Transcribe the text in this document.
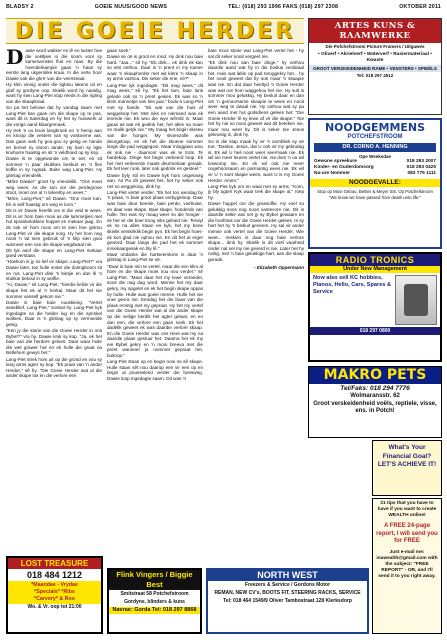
BLADSY 2	GOEIE NUUS/GOOD NEWS	TEL: (018) 293 1996 FAKS (018) 297 2308	OKTOBER 2011
DIE GOEIE HERDER
D awie word wakker en lê en luister hoe die voëltjies in die soom voor sy kamervenster fluit en raas. By die hoenderkampie gaan 'n haan sy eerste lang ukgerokke kraai. In die verte hoor Dawie ook die ghrrr van die veemteaal.

Hy klim vinnig onder die ligblou lakens uit en gluif sy gordyne oop. Skielik word hy naaslig, want hy sien Lang-Piet stop reeds in die rigting van die skaapkraal.

So pa het belowe dat hy vandag saam met Lang-Piet kan gaan om die skape op te pas, want dit is Saterdag en hy het sy huiswerk al die vorige aand klaargemaak.

Hy trek 'n ou bruin langbroek en 'n hemp aan en knoop die vesters van sy voskoeme vas. Dan gaan wek hy gou-gou sy gesig en hande en borsel sy stoom tande. Hy kam sy ligte kruiharre haastig en sit 'n veldhoed op sy kop.

Dawie is te opgewonde om te eet, en sit sommer 'n paar skubbes beskuit en 'n fles koffie in sy rugsak. Buite wag Lang-Piet. Hy glimlag vriendelik.

"Môre Dawie!" groet hy vriendelik. "Ons moet weg wees. As die son oor die perdegrooe stoot, moet ons al 'n tekiesby en wees."

"Môre, Lang-Piet," sê Dawie. "Ons moet kan. Ek is self haastig om weg te kom."

Dit is vir Dawie heerlik om in die veld te wees. Dit is vir hom baie mooi as die lammetjies met hul sprankelokkies huppel en mekaar jaag. En ds ook vir hom mooi om te sien hoe getrou Lang-Piet vir die skape sorg. Hy het hom nog nooit 'n lat sien gebruik of 'n klip sien gooi wanneer een van die skape wegdwaal nie.

Dit lyk asof die skape en Lang-Piet mekaar goed verstaan.

"Hoekom is jy so lief vir skape, Lang-Piet?" vra Dawie later, toe hulle onder die doringboom sit en rus. Lang-Piet dink 'n bietjie en dan lê 'n stukkie bekoul in sy wolfie.

"Ai, Dawie," sê Lang-Piet, "hierdie liefde vir die skape het ek al 'n herkai. Maar dit het nie sommer vanself gekom nie."

Dawie is baie baie nuuskierig. "Vertel asseblief, Lang-Piet," soebat hy. Lang-Piet kyk ingedagte na die helder lug en die sprinkel wolkies. Daar is 'n glimlag op sy vermoeide gesig.

"Ken jy die storie van die Goeie Herder in ons Bybel?" vra hy. Dawie knik sy kop. "Ja, ek het baie van die herders geloes. Daar waar hulle die wet grawer het en ek hulle die graat na Betlehem gewys het."

Lang-Piet strek hom uit op die grond en vou sy lang arms agter sy kop. "Ek praat van 'n ander Herder," sê hy. "Die Goeie Herder wat al die ander skape los en die verlore een

gaan soek."

Dawie se oë is groot en rond. Hy dink nou baie hard. "Jaa..." sê hy. "Ek dink... ek dink ek kan so iets onthou. Daar is 'n prent in my kamer waar 'n skaapherder met wit klere 'n skaap in sy arms vashou. Dis seker die ene, né?"

Lang-Piet lyk ingedagte. "Dit mag wees," dit mag wees," sê hy. "Ek het tam, baie lank gelede ook so 'n prent gesien. Ek was so 'n klein mannetjie van tien jaar," bodu-s Lang-Piet met sy hande. "Ek wat van die huis af weggeloop het. Met niks en niemand was ek tevrede nie. Ek wou die wye wêreld in. Maar gauw as wat ek gedink het, het alles na maer on malik gelyk nie." My maag het begin skreeu van die honger. My skoenzolle was deurgeloop, en ek het die skoene sommer langs die pad weggegooi. Maar inloggaan wou ek ook nie - daarvoor was ek te trots. Te hardekop. Dinge het begin verkeerd loop. Ek het met verkeerde maats deurmekaar geraak. Ek het leer rook, later ook gedrink en gesteel."

Dawie byly stil en Dawie kyk hom ongelowig aan. As Pa dit geweet het, het hy seker ook net so weggeloop, dink hy.

Lang-Piet vertel verder. "Ek het too wendag by 'n plaas, 'n baie groot plaas verbygeloop. Daar was baie deur beeste, baie perde, voëlruise, en daar was skape. Baie skape, honderde van hulle. Ton was my maag weer so die honger - ek het vir die boer knog niks gebied nie. Terwyl ek so na alles staan en kyk, het my bene skielik verskriklik begin pyn. Ek het begin hoes- ek kon glad nie ophou nie. En dit het al erger geword. Daar langs die pad het ek sommer inmekaargesak en bly lê."

Maar ondanks die hartseerstorie is daar 'n glimlag in Lang-Piet se oë.

"Daar is baie min te vertel, maar die son klim al hoër en die skape moet nou nou verder," sê Lang-Piet. "Maar daar het my lewe verander, soos die nag dag word. Mense het my daar gekry, my opgetel en ek het begin skape oppas by hulle. Hulle was goeie mense. Hulle het nie vrae gevra nie. Eendag het die baas van die plaas ernstig met my gepraat. Hy het my vertel van die Goeie Herder wat al die ander skape op die veilige berdik het agter gelaat, en en dan een, die verlore een gaan soek. Ek het dadelik geweet ek was daardie verlore skaap. En die Goeie Herder was ons Here wat my na daardie plaas gestuur het. Daarna het ek my eie Bybel gekry en 'n mooi breeva met die prent wanneer ja nommet gepraat het, buitoop."

Lang-Piet staan op en begin nooi na sê skape. Hulle staan sêt nou daarop een vir een op en begin al pousselend verder die boesweg. Dawie loop ingedagte saam. Dit was 'n

baie mooi storie wat Lang-Piet vertel het - hy sal dit seker nooit vergeet nie.

"Ek dink nou aan baie dinge," hy onthou daardie aand wat hy in die boskai verdwaal het. Huis wat labin op pad teruggekry het... hy het nooit geweet dat hy ook maar 'n skaapie was nie. En dat daar heeltyd 'n Goeie Herder was wat oor hom waggehou het nie. Hy sult is sommer mou gelukkig. Hy besluit daar en dan om 'n gemoorsame skaapie te wees en nooit weer weg te dwaal nie. Hy onthou wat sy pa een aand met hul godsdiens gelees het: "Die Goeie Herder lê sy lewe af vir die skape." Toe het hy nie so mooi geweet wat dit beteken nie, maar nou weet hy. Dit is seker toe Jesus gekruisig is, dink hy.

So in die stap maak hy vir 'n oombliek sy oë toe. "Dankie, Jesus, dat U ook vir my gekruisig is. Ek wil U heil nooit weer seermaak nie. Ek wil nie meer leuens vertel nie, nie dors 'n ou wil losworop nie. En ek wil ook nie meer ongehoorsaam en parmantig wees nie. Ek wil vir U 'n soet skapie wees, want U is my Goeie Herder. Amen."

Lang-Piet kyk om en waai met sy arms. "Kom, jy bly agter! Kyk waar trek die skape al," roep hy.

Dawie huppel oor die grassolfie. Hy voel so gelukkig soos nog nooit vantevore nie. Dit is daardie seltie wat net jy sy Bybel gewaam en die hoofstuk oor die Goeie Herder gelees. In sy hart het hy 'n besluit geneem. Hy sal vir ander mense ook vertel van die Goeie Herder. Wie weet... miskien is daar nog baie verlore skape... dink hy. Skielik is dit voël vaarheid onder nat sel my nie geverd is nie. Later het hy ruslig, met 'n baie gelukkige hart, aan die slaap geraak.

- Elizabeth Oppermann
ARTES KUNS & RAAMWERKE
Die Pofchefstroom Picture Framers / Uitgawes
• Oliverf • Akrielverf • Waterverf • Rasiermateriaal • Kwaste
GROOT VERSKEIDENHEID RAME • VENSTERS • SPIEËLS
Tel: 018 297 4512
NOODGEMMENS
POTCHEFSTROOM
DR. CORNO A. HENNING
Ope Weeksdae
Gewone spreekure	018 293 2007
Kinder- en Ouderdomsorg	018 293 0425
Na-ure Nommer	083 775 1111
NOODGEVALLE:
Stop op Mooi Gebou, Bettier & Meyer Sts. Op Potchefstroom
"We know we have passed from death unto life."
RADIO TRONICS
Under New Management
Now also sell KC hobbies, Pianos, Hello, Cars, Spares & Service
018 297 0800
MAKRO PETS
Tel/Faks: 018 294 7776
Wolmaransstr. 62
Groot verskeidenheid voëls, reptiele, visse, ens. in Potch!
What's Your Financial Goal? LET'S ACHIEVE IT!
21 tips that you have to have if you want to create WEALTH online!
A FREE 24-page report, I will send you for FREE
Just e-mail me: inawealth@gmail.com with the subject: "FREE REPORT" - OR, and I'll send it to you right away.
LOST TREASURE
018 484 1212
*Maandae - Vrydae
*Specials* *Ribs
*Carvery* & Roo
Wo. & Vr. oop tot 21:00
Flink Vingers / Biggie Best
Smitstraat 58 Potchefstroom
Gordyne, blinders & kuns
Navrae: Gorda Tel: 018 297 8868
NORTH WEST
Freezers & Service / Gordons Motor
REMAN, NEW CV's, BOOTS FIT, STEERING RACKS, SERVICE
Tel: 018 464 1549/9 Oliver Tambostraat 128 Klerksdorp
